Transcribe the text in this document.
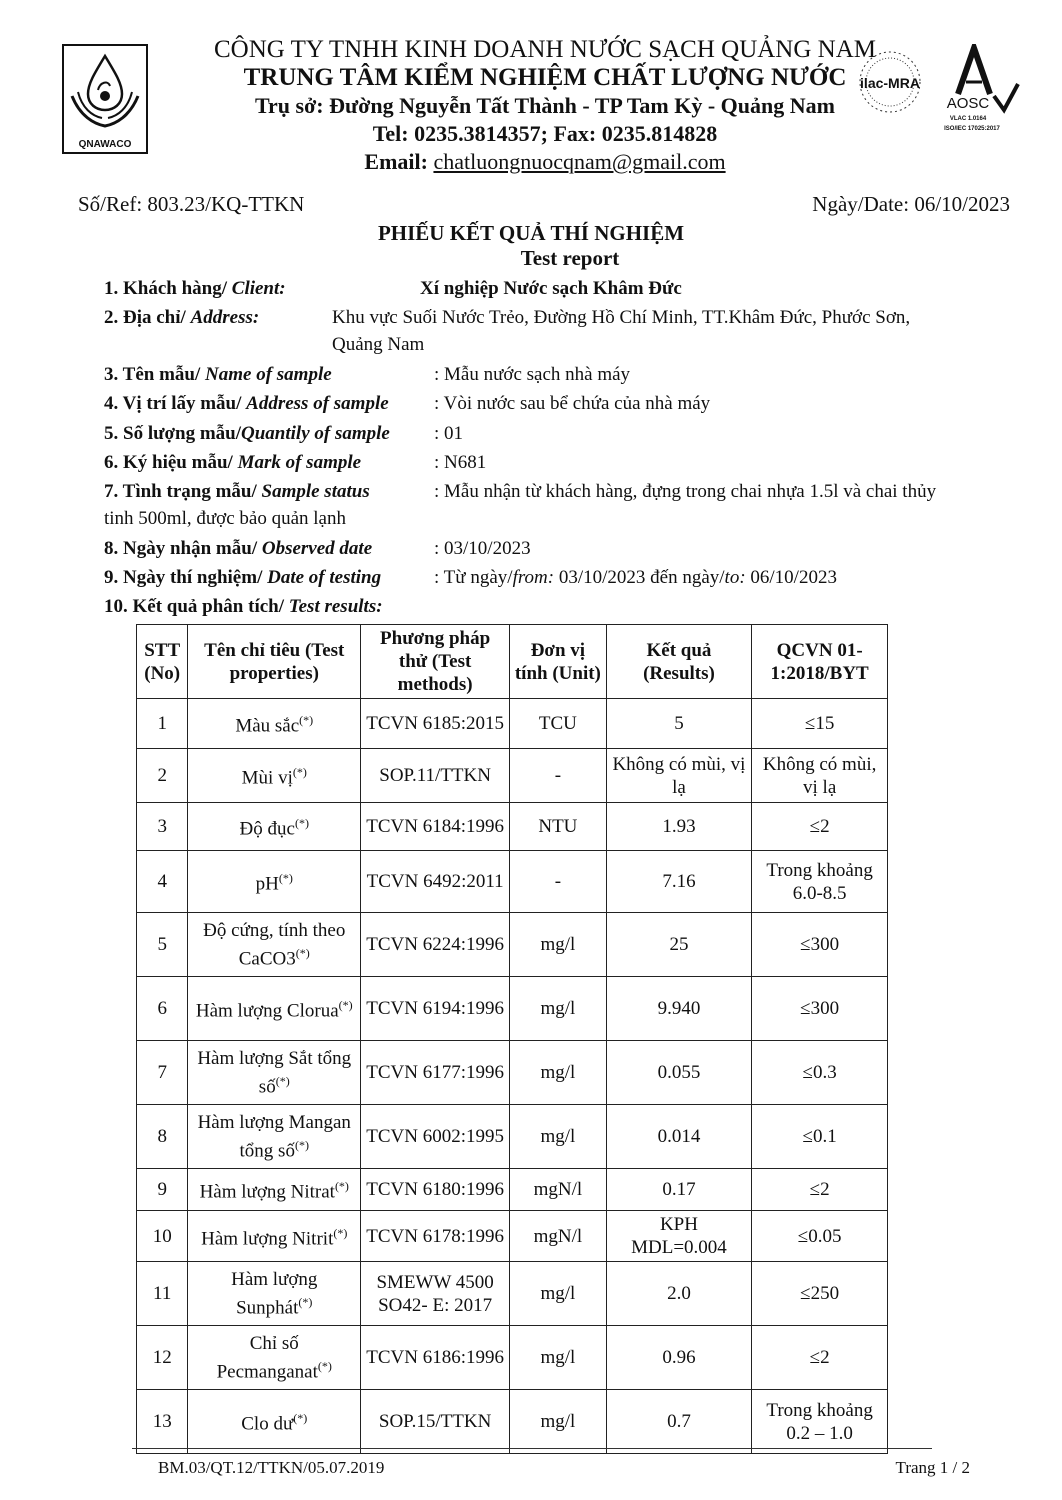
QNAWACO
CÔNG TY TNHH KINH DOANH NƯỚC SẠCH QUẢNG NAM
TRUNG TÂM KIỂM NGHIỆM CHẤT LƯỢNG NƯỚC
Trụ sở: Đường Nguyễn Tất Thành - TP Tam Kỳ - Quảng Nam
Tel: 0235.3814357; Fax: 0235.814828
Email: chatluongnuocqnam@gmail.com
ilac-MRA
AOSC
VLAC 1.0164
ISO/IEC 17025:2017
Số/Ref: 803.23/KQ-TTKN	Ngày/Date: 06/10/2023
PHIẾU KẾT QUẢ THÍ NGHIỆM
Test report
1. Khách hàng/ Client:	Xí nghiệp Nước sạch Khâm Đức
2. Địa chỉ/ Address:	Khu vực Suối Nước Trẻo, Đường Hồ Chí Minh, TT.Khâm Đức, Phước Sơn,
Quảng Nam
3. Tên mẫu/ Name of sample	: Mẫu nước sạch nhà máy
4. Vị trí lấy mẫu/ Address of sample : Vòi nước sau bể chứa của nhà máy
5. Số lượng mẫu/Quantily of sample : 01
6. Ký hiệu mẫu/ Mark of sample	: N681
7. Tình trạng mẫu/ Sample status	: Mẫu nhận từ khách hàng, đựng trong chai nhựa 1.5l và chai thủy
tinh 500ml, được bảo quản lạnh
8. Ngày nhận mẫu/ Observed date	: 03/10/2023
9. Ngày thí nghiệm/ Date of testing	: Từ ngày/from: 03/10/2023 đến ngày/to: 06/10/2023
10. Kết quả phân tích/ Test results:
STT (No)	Tên chỉ tiêu (Test properties)	Phương pháp thử (Test methods)	Đơn vị tính (Unit)	Kết quả (Results)	QCVN 01-1:2018/BYT
1	Màu sắc(*)	TCVN 6185:2015	TCU	5	≤15
2	Mùi vị(*)	SOP.11/TTKN	-	Không có mùi, vị lạ	Không có mùi, vị lạ
3	Độ đục(*)	TCVN 6184:1996	NTU	1.93	≤2
4	pH(*)	TCVN 6492:2011	-	7.16	Trong khoảng 6.0-8.5
5	Độ cứng, tính theo CaCO3(*)	TCVN 6224:1996	mg/l	25	≤300
6	Hàm lượng Clorua(*)	TCVN 6194:1996	mg/l	9.940	≤300
7	Hàm lượng Sắt tổng số(*)	TCVN 6177:1996	mg/l	0.055	≤0.3
8	Hàm lượng Mangan tổng số(*)	TCVN 6002:1995	mg/l	0.014	≤0.1
9	Hàm lượng Nitrat(*)	TCVN 6180:1996	mgN/l	0.17	≤2
10	Hàm lượng Nitrit(*)	TCVN 6178:1996	mgN/l	KPH MDL=0.004	≤0.05
11	Hàm lượng Sunphát(*)	SMEWW 4500 SO42- E: 2017	mg/l	2.0	≤250
12	Chỉ số Pecmanganat(*)	TCVN 6186:1996	mg/l	0.96	≤2
13	Clo dư(*)	SOP.15/TTKN	mg/l	0.7	Trong khoảng 0.2 – 1.0
BM.03/QT.12/TTKN/05.07.2019	Trang 1 / 2
